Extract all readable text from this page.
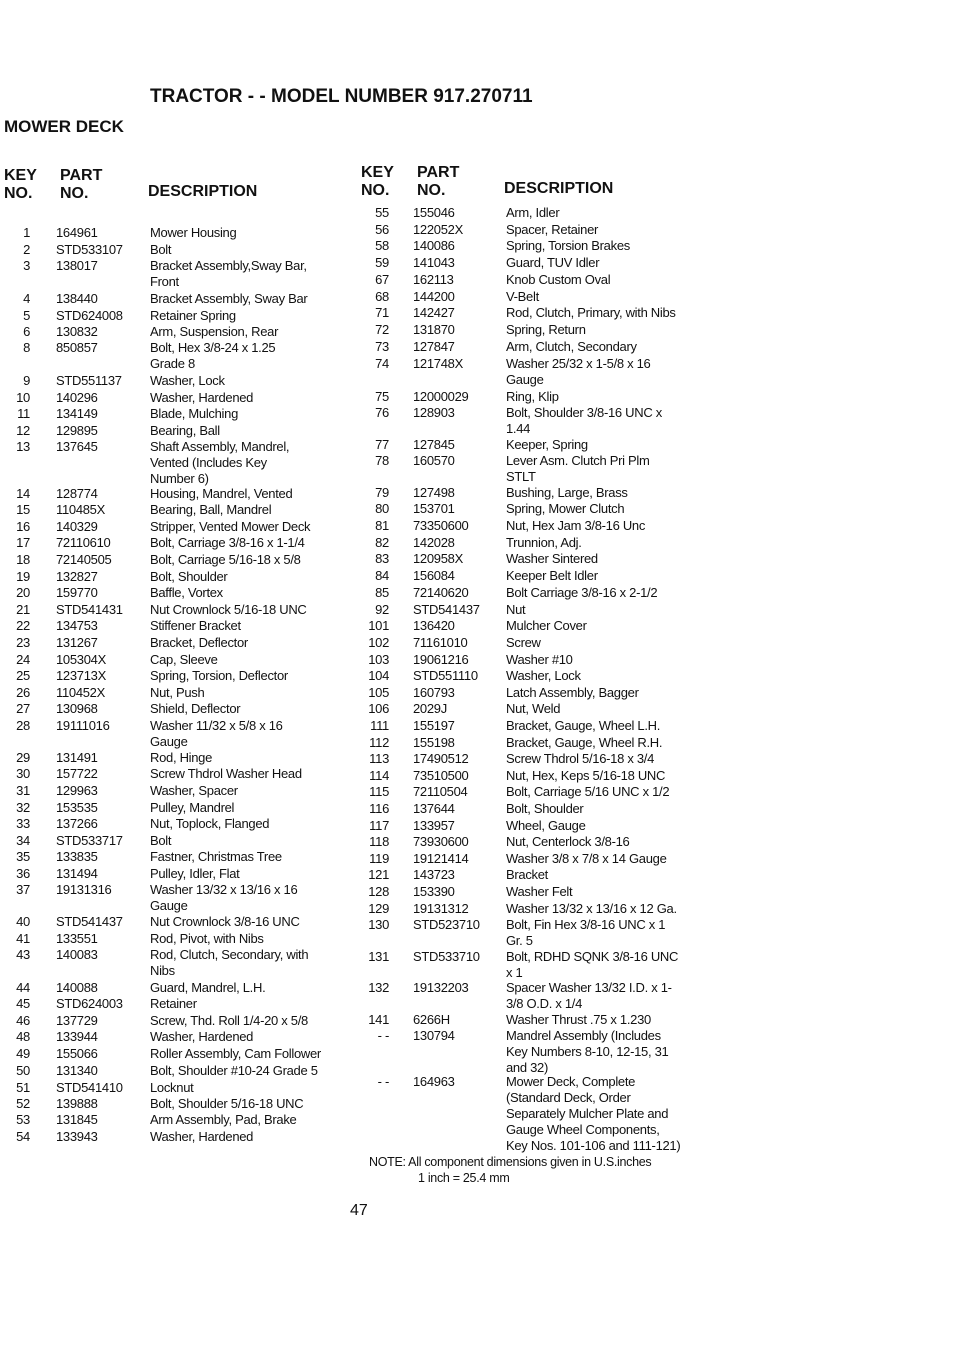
TRACTOR - - MODEL NUMBER 917.270711
MOWER DECK
KEY
NO.
PART
NO.	DESCRIPTION
KEY
NO.
PART
NO.	DESCRIPTION
1 164961	Mower Housing
2 STD533107 Bolt
3 138017	Bracket Assembly,Sway Bar,
Front
4 138440	Bracket Assembly, Sway Bar
5 STD624008 Retainer Spring
6 130832	Arm, Suspension, Rear
8 850857	Bolt, Hex 3/8-24 x 1.25
Grade 8
9 STD551137 Washer, Lock
10 140296	Washer, Hardened
11 134149	Blade, Mulching
12 129895	Bearing, Ball
13 137645	Shaft Assembly, Mandrel,
Vented (Includes Key
Number 6)
14 128774	Housing, Mandrel, Vented
15 110485X	Bearing, Ball, Mandrel
16 140329	Stripper, Vented Mower Deck
17 72110610	Bolt, Carriage 3/8-16 x 1-1/4
18 72140505	Bolt, Carriage 5/16-18 x 5/8
19 132827	Bolt, Shoulder
20 159770	Baffle, Vortex
21 STD541431 Nut Crownlock 5/16-18 UNC
22 134753	Stiffener Bracket
23 131267	Bracket, Deflector
24 105304X	Cap, Sleeve
25 123713X	Spring, Torsion, Deflector
26 110452X	Nut, Push
27 130968	Shield, Deflector
28 19111016	Washer 11/32 x 5/8 x 16
Gauge
29 131491	Rod, Hinge
30 157722	Screw Thdrol Washer Head
31 129963	Washer, Spacer
32 153535	Pulley, Mandrel
33 137266	Nut, Toplock, Flanged
34 STD533717 Bolt
35 133835	Fastner, Christmas Tree
36 131494	Pulley, Idler, Flat
37 19131316	Washer 13/32 x 13/16 x 16
Gauge
40 STD541437 Nut Crownlock 3/8-16 UNC
41 133551	Rod, Pivot, with Nibs
43 140083	Rod, Clutch, Secondary, with
Nibs
44 140088	Guard, Mandrel, L.H.
45 STD624003 Retainer
46 137729	Screw, Thd. Roll 1/4-20 x 5/8
48 133944	Washer, Hardened
49 155066	Roller Assembly, Cam Follower
50 131340	Bolt, Shoulder #10-24 Grade 5
51 STD541410 Locknut
52 139888	Bolt, Shoulder 5/16-18 UNC
53 131845	Arm Assembly, Pad, Brake
54 133943	Washer, Hardened
55 155046	Arm, Idler
56 122052X	Spacer, Retainer
58 140086	Spring, Torsion Brakes
59 141043	Guard, TUV Idler
67 162113	Knob Custom Oval
68 144200	V-Belt
71 142427	Rod, Clutch, Primary, with Nibs
72 131870	Spring, Return
73 127847	Arm, Clutch, Secondary
74 121748X	Washer 25/32 x 1-5/8 x 16
Gauge
75 12000029	Ring, Klip
76 128903	Bolt, Shoulder 3/8-16 UNC x
1.44
77 127845	Keeper, Spring
78 160570	Lever Asm. Clutch Pri Plm
STLT
79 127498	Bushing, Large, Brass
80 153701	Spring, Mower Clutch
81 73350600	Nut, Hex Jam 3/8-16 Unc
82 142028	Trunnion, Adj.
83 120958X	Washer Sintered
84 156084	Keeper Belt Idler
85 72140620	Bolt Carriage 3/8-16 x 2-1/2
92 STD541437 Nut
101 136420	Mulcher Cover
102 71161010	Screw
103 19061216	Washer #10
104 STD551110 Washer, Lock
105 160793	Latch Assembly, Bagger
106 2029J	Nut, Weld
111 155197	Bracket, Gauge, Wheel L.H.
112 155198	Bracket, Gauge, Wheel R.H.
113 17490512	Screw Thdrol 5/16-18 x 3/4
114 73510500	Nut, Hex, Keps 5/16-18 UNC
115 72110504	Bolt, Carriage 5/16 UNC x 1/2
116 137644	Bolt, Shoulder
117 133957	Wheel, Gauge
118 73930600	Nut, Centerlock 3/8-16
119 19121414	Washer 3/8 x 7/8 x 14 Gauge
121 143723	Bracket
128 153390	Washer Felt
129 19131312	Washer 13/32 x 13/16 x 12 Ga.
130 STD523710 Bolt, Fin Hex 3/8-16 UNC x 1
Gr. 5
131 STD533710 Bolt, RDHD SQNK 3/8-16 UNC
x 1
132 19132203	Spacer Washer 13/32 I.D. x 1-
3/8 O.D. x 1/4
141 6266H	Washer Thrust .75 x 1.230
- - 130794	Mandrel Assembly (Includes
Key Numbers 8-10, 12-15, 31
and 32)
- - 164963	Mower Deck, Complete
(Standard Deck, Order
Separately Mulcher Plate and
Gauge Wheel Components,
Key Nos. 101-106 and 111-121)
NOTE: All component dimensions given in U.S.inches
1 inch = 25.4 mm
47
